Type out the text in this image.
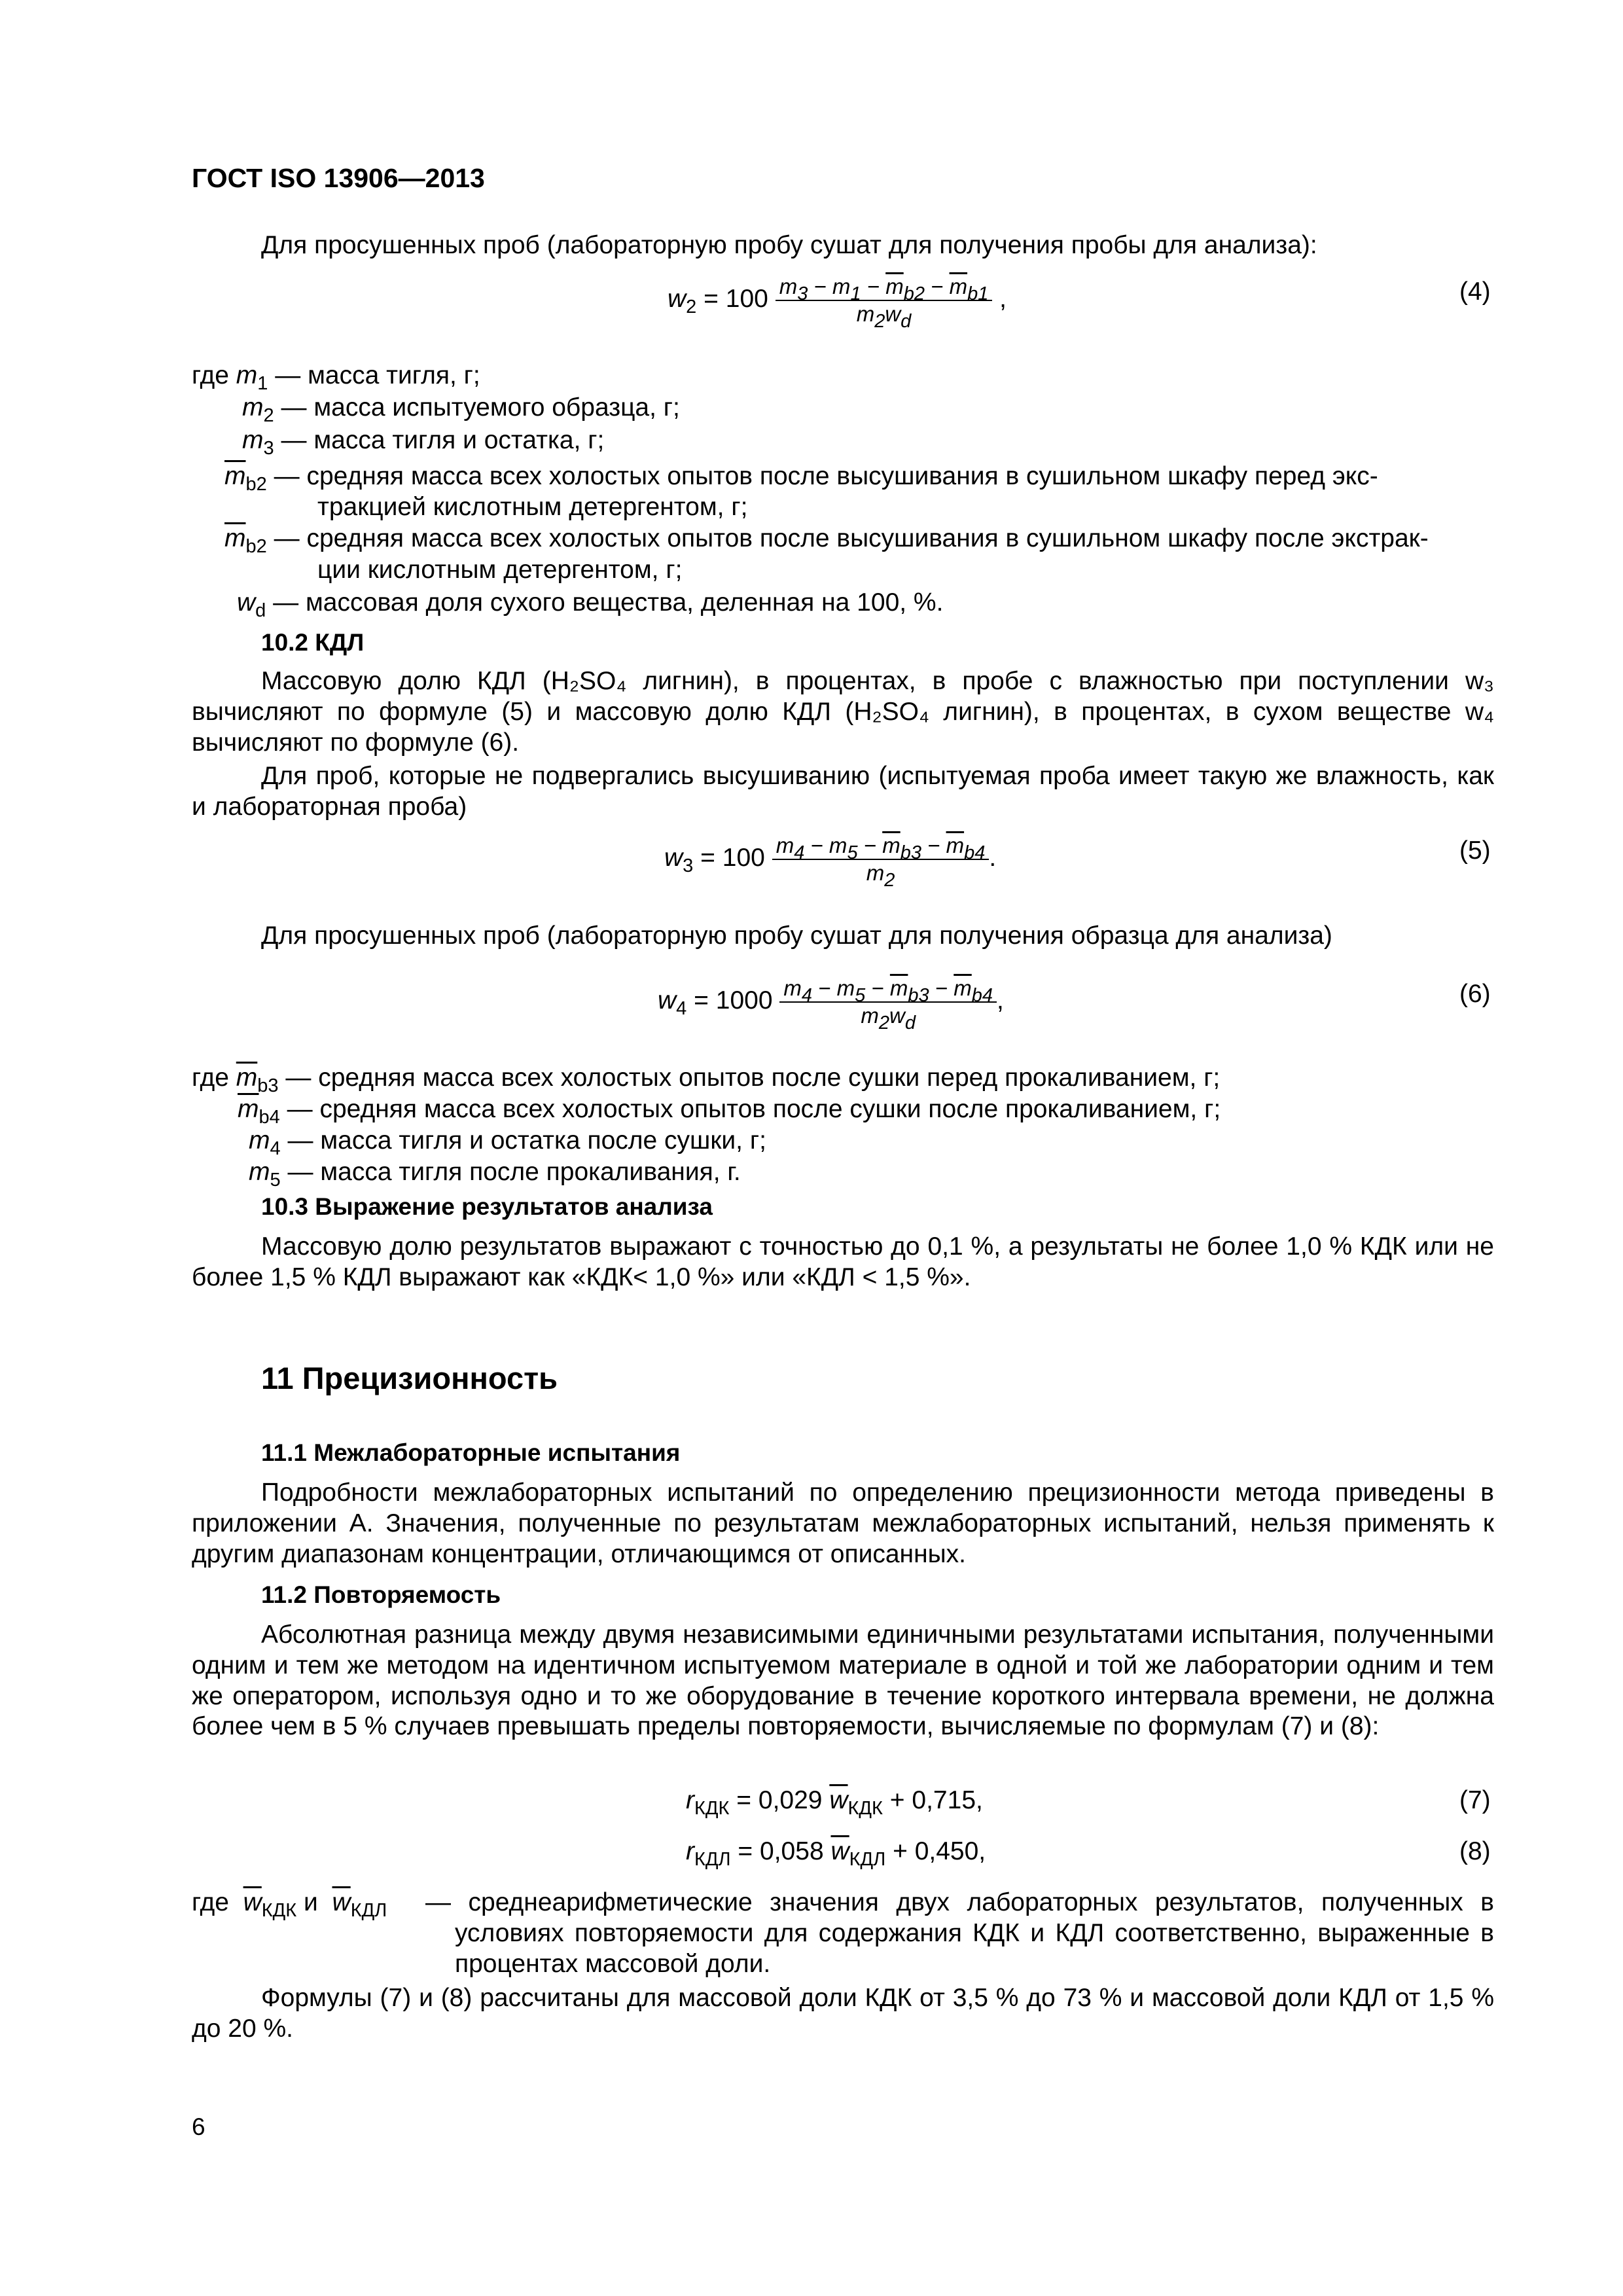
ГОСТ ISO 13906—2013
Для просушенных проб (лабораторную пробу сушат для получения пробы для анализа):
$w_2 = 100 \frac{m_3 - m_1 - \overline{m}_{b2} - \overline{m}_{b1}}{m_2w_d}$ ,	(4)
где $m_1$ — масса тигля, г;
$m_2$ — масса испытуемого образца, г;
$m_3$ — масса тигля и остатка, г;
$\overline{m}_{b2}$ — средняя масса всех холостых опытов после высушивания в сушильном шкафу перед экс-
тракцией кислотным детергентом, г;
$\overline{m}_{b2}$ — средняя масса всех холостых опытов после высушивания в сушильном шкафу после экстрак-
ции кислотным детергентом, г;
$w_d$ — массовая доля сухого вещества, деленная на 100, %.
10.2 КДЛ
Массовую долю КДЛ (H₂SO₄ лигнин), в процентах, в пробе с влажностью при поступлении w₃ вычисляют по формуле (5) и массовую долю КДЛ (H₂SO₄ лигнин), в процентах, в сухом веществе w₄ вычисляют по формуле (6).
Для проб, которые не подвергались высушиванию (испытуемая проба имеет такую же влажность, как и лабораторная проба)
$w_3 = 100 \frac{m_4 - m_5 - \overline{m}_{b3} - \overline{m}_{b4}}{m_2}$ .	(5)
Для просушенных проб (лабораторную пробу сушат для получения образца для анализа)
$w_4 = 1000 \frac{m_4 - m_5 - \overline{m}_{b3} - \overline{m}_{b4}}{m_2w_d}$ ,	(6)
где $\overline{m}_{b3}$ — средняя масса всех холостых опытов после сушки перед прокаливанием, г;
$\overline{m}_{b4}$ — средняя масса всех холостых опытов после сушки после прокаливанием, г;
$m_4$ — масса тигля и остатка после сушки, г;
$m_5$ — масса тигля после прокаливания, г.
10.3 Выражение результатов анализа
Массовую долю результатов выражают с точностью до 0,1 %, а результаты не более 1,0 % КДК или не более 1,5 % КДЛ выражают как «КДК< 1,0 %» или «КДЛ < 1,5 %».
11 Прецизионность
11.1 Межлабораторные испытания
Подробности межлабораторных испытаний по определению прецизионности метода приведены в приложении А. Значения, полученные по результатам межлабораторных испытаний, нельзя применять к другим диапазонам концентрации, отличающимся от описанных.
11.2 Повторяемость
Абсолютная разница между двумя независимыми единичными результатами испытания, полученными одним и тем же методом на идентичном испытуемом материале в одной и той же лаборатории одним и тем же оператором, используя одно и то же оборудование в течение короткого интервала времени, не должна более чем в 5 % случаев превышать пределы повторяемости, вычисляемые по формулам (7) и (8):
$r_{КДК} = 0,029$ $\overline{w}_{КДК} + 0,715$,	(7)
$r_{КДЛ} = 0,058$ $\overline{w}_{КДЛ} + 0,450$,	(8)
где $\overline{w}_{КДК}$ и $\overline{w}_{КДЛ}$ — среднеарифметические значения двух лабораторных результатов, полученных в условиях повторяемости для содержания КДК и КДЛ соответственно, выраженные в процентах массовой доли.
Формулы (7) и (8) рассчитаны для массовой доли КДК от 3,5 % до 73 % и массовой доли КДЛ от 1,5 % до 20 %.
6
